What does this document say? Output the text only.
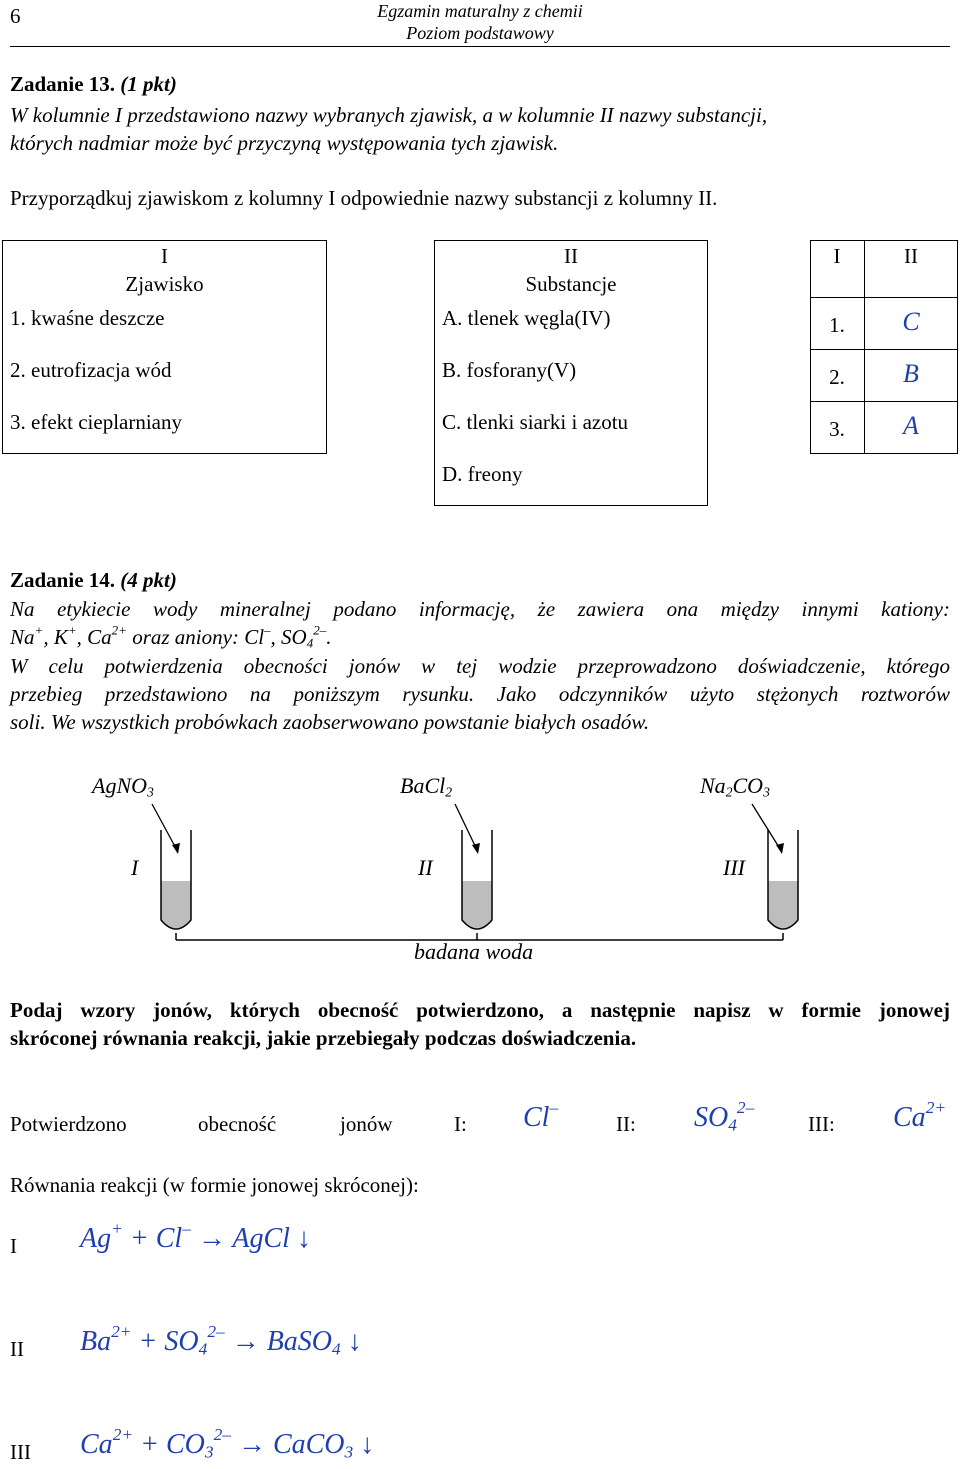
6	Egzamin maturalny z chemii
Poziom podstawowy
Zadanie 13. (1 pkt)
W kolumnie I przedstawiono nazwy wybranych zjawisk, a w kolumnie II nazwy substancji,
których nadmiar może być przyczyną występowania tych zjawisk.
Przyporządkuj zjawiskom z kolumny I odpowiednie nazwy substancji z kolumny II.
I
Zjawisko
1. kwaśne deszcze
2. eutrofizacja wód
3. efekt cieplarniany
II
Substancje
A. tlenek węgla(IV)
B. fosforany(V)
C. tlenki siarki i azotu
D. freony
I	II
1.	C
2.	B
3.	A
Zadanie 14. (4 pkt)
Na etykiecie wody mineralnej podano informację, że zawiera ona między innymi kationy:
Na+, K+, $Ca^{2+}$ oraz aniony: Cl–, $SO_4^{2-}$.
W celu potwierdzenia obecności jonów w tej wodzie przeprowadzono doświadczenie, którego
przebieg przedstawiono na poniższym rysunku. Jako odczynników użyto stężonych roztworów
soli. We wszystkich probówkach zaobserwowano powstanie białych osadów.
AgNO$_3$	BaCl$_2$	$Na_2CO_3$
I	II	III
badana woda
Podaj wzory jonów, których obecność potwierdzono, a następnie napisz w formie jonowej
skróconej równania reakcji, jakie przebiegały podczas doświadczenia.
Potwierdzono	obecność	jonów	I: Cl–
II: $SO_4^{2-}$
III: $Ca^{2+}$
Równania reakcji (w formie jonowej skróconej):
I Ag+ + Cl– → AgCl ↓
II $Ba^{2+} + SO_4^{2-}$ → BaSO$_4$ ↓
III $Ca^{2+} + CO_3^{2-}$ → CaCO$_3$ ↓
